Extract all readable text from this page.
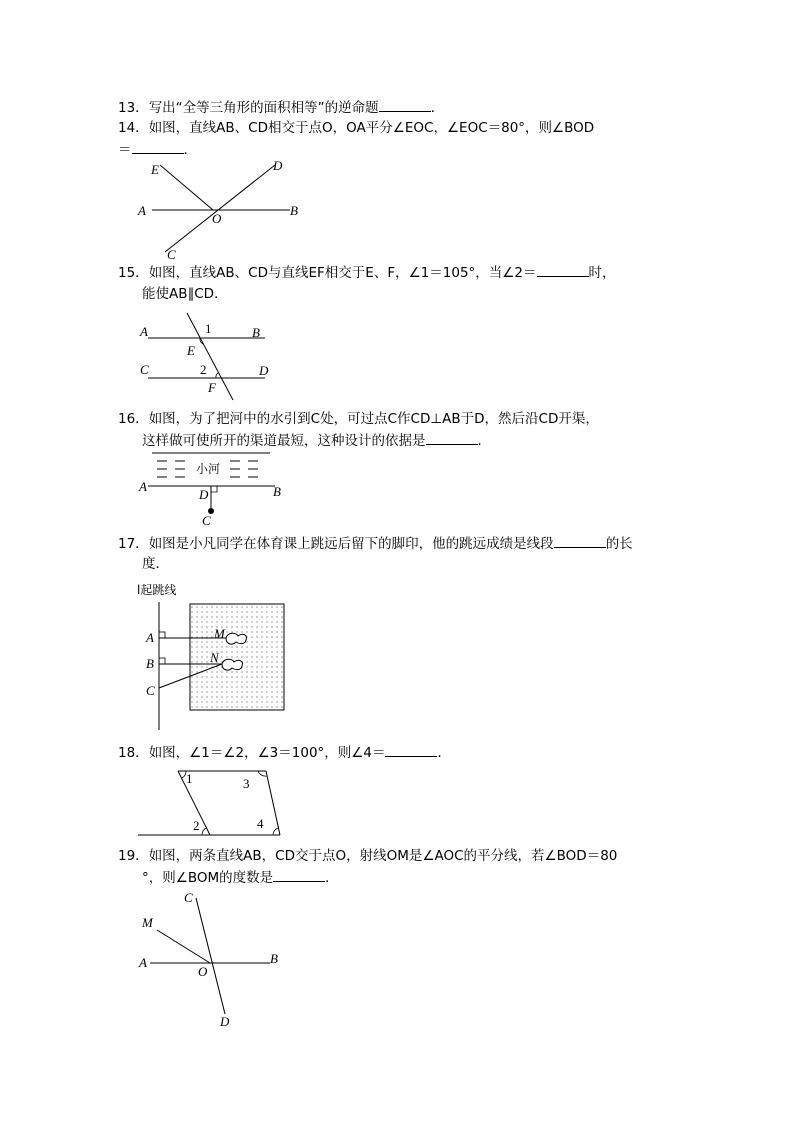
13．写出“全等三角形的面积相等”的逆命题	．
14．如图，直线AB、CD相交于点O，OA平分∠EOC，∠EOC＝80°，则∠BOD
＝	．
E	D
A
O
B
C
15．如图，直线AB、CD与直线EF相交于E、F，∠1＝105°，当∠2＝	时，
能使AB∥CD．
A	1	B
E
C	2	D
F
16．如图，为了把河中的水引到C处，可过点C作CD⊥AB于D，然后沿CD开渠，
这样做可使所开的渠道最短，这种设计的依据是	．
小河
A
D	B
C
17．如图是小凡同学在体育课上跳远后留下的脚印，他的跳远成绩是线段	的长
度．
l起跳线
A	M
B	N
C
18．如图，∠1＝∠2，∠3＝100°，则∠4＝	．
1	3
2	4
19．如图，两条直线AB，CD交于点O，射线OM是∠AOC的平分线，若∠BOD＝80
°，则∠BOM的度数是	．
C
M
A
O
B
D
